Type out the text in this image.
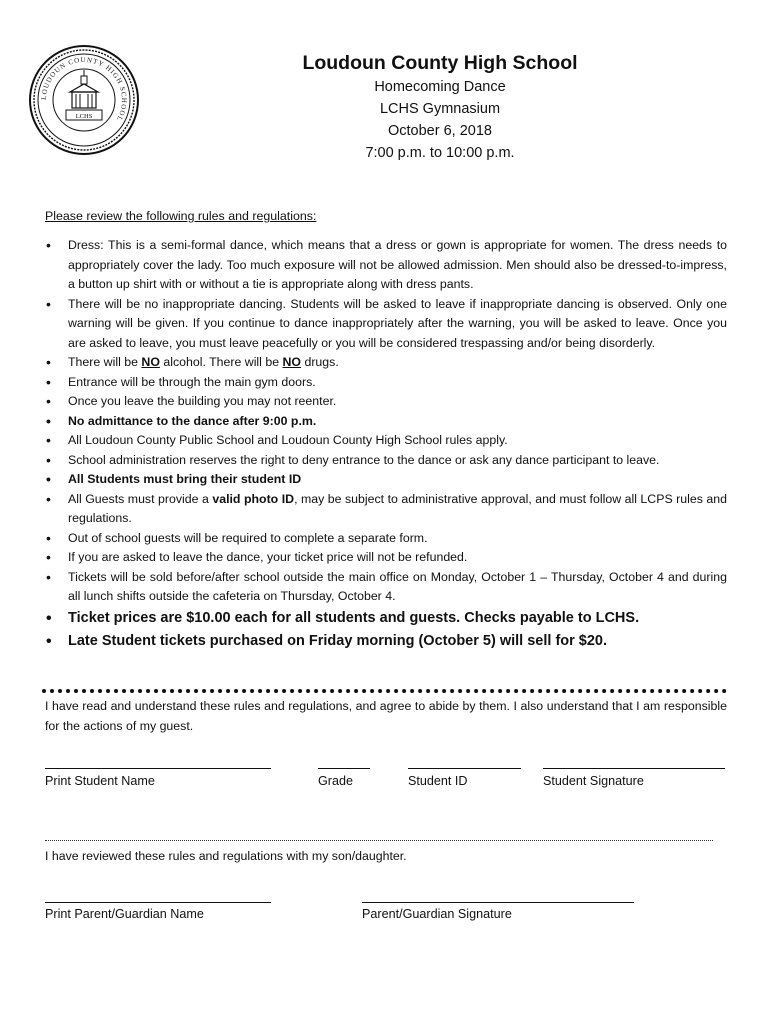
LOUDOUN COUNTY HIGH SCHOOL
LCHS
Loudoun County High School
Homecoming Dance
LCHS Gymnasium
October 6, 2018
7:00 p.m. to 10:00 p.m.
Please review the following rules and regulations:
• Dress: This is a semi-formal dance, which means that a dress or gown is appropriate for women. The dress needs to appropriately cover the lady. Too much exposure will not be allowed admission. Men should also be dressed-to-impress, a button up shirt with or without a tie is appropriate along with dress pants.
• There will be no inappropriate dancing. Students will be asked to leave if inappropriate dancing is observed. Only one warning will be given. If you continue to dance inappropriately after the warning, you will be asked to leave. Once you are asked to leave, you must leave peacefully or you will be considered trespassing and/or being disorderly.
• There will be NO alcohol. There will be NO drugs.
• Entrance will be through the main gym doors.
• Once you leave the building you may not reenter.
• No admittance to the dance after 9:00 p.m.
• All Loudoun County Public School and Loudoun County High School rules apply.
• School administration reserves the right to deny entrance to the dance or ask any dance participant to leave.
• All Students must bring their student ID
• All Guests must provide a valid photo ID, may be subject to administrative approval, and must follow all LCPS rules and regulations.
• Out of school guests will be required to complete a separate form.
• If you are asked to leave the dance, your ticket price will not be refunded.
• Tickets will be sold before/after school outside the main office on Monday, October 1 – Thursday, October 4 and during all lunch shifts outside the cafeteria on Thursday, October 4.
• Ticket prices are $10.00 each for all students and guests. Checks payable to LCHS.
• Late Student tickets purchased on Friday morning (October 5) will sell for $20.
I have read and understand these rules and regulations, and agree to abide by them. I also understand that I am responsible for the actions of my guest.
Print Student Name	Grade	Student ID	Student Signature
I have reviewed these rules and regulations with my son/daughter.
Print Parent/Guardian Name	Parent/Guardian Signature
